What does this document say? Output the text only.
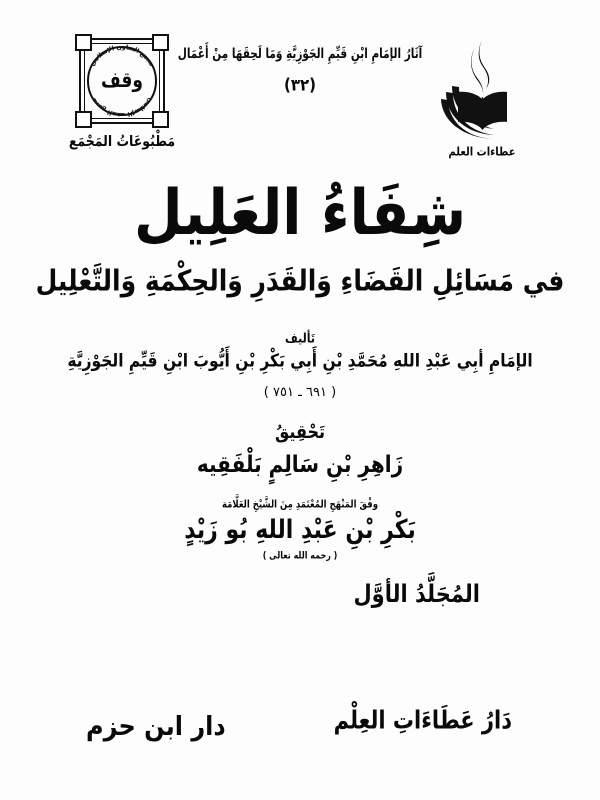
مجمع التعاون الإسلامي
مجمع الفقه الإسلامي
وقف
مَطْبُوعَاتُ المَجْمَع
آثَارُ الإمَامِ ابْنِ قَيِّمِ الجَوْزِيَّةِ وَمَا لَحِقَهَا مِنْ أَعْمَال
(٣٢)
عطاءات العلم
شِفَاءُ العَلِيل
في مَسَائِلِ القَضَاءِ وَالقَدَرِ وَالحِكْمَةِ وَالتَّعْلِيل
تَأليف
الإمَامِ أبِي عَبْدِ اللهِ مُحَمَّدِ بْنِ أَبِي بَكْرِ بْنِ أَيُّوبَ ابْنِ قَيِّمِ الجَوْزِيَّةِ
( ٦٩١ ـ ٧٥١ )
تَحْقِيقُ
زَاهِرِ بْنِ سَالِمٍ بَلْفَقِيه
وفْقَ المَنْهَجِ المُعْتَمَدِ مِنَ الشَّيْخِ العَلَّامَة
بَكْرِ بْنِ عَبْدِ اللهِ بُو زَيْدٍ
( رحمه الله تعالى )
المُجَلَّدُ الأوَّل
دَارُ عَطَاءَاتِ العِلْم
دار ابن حزم
